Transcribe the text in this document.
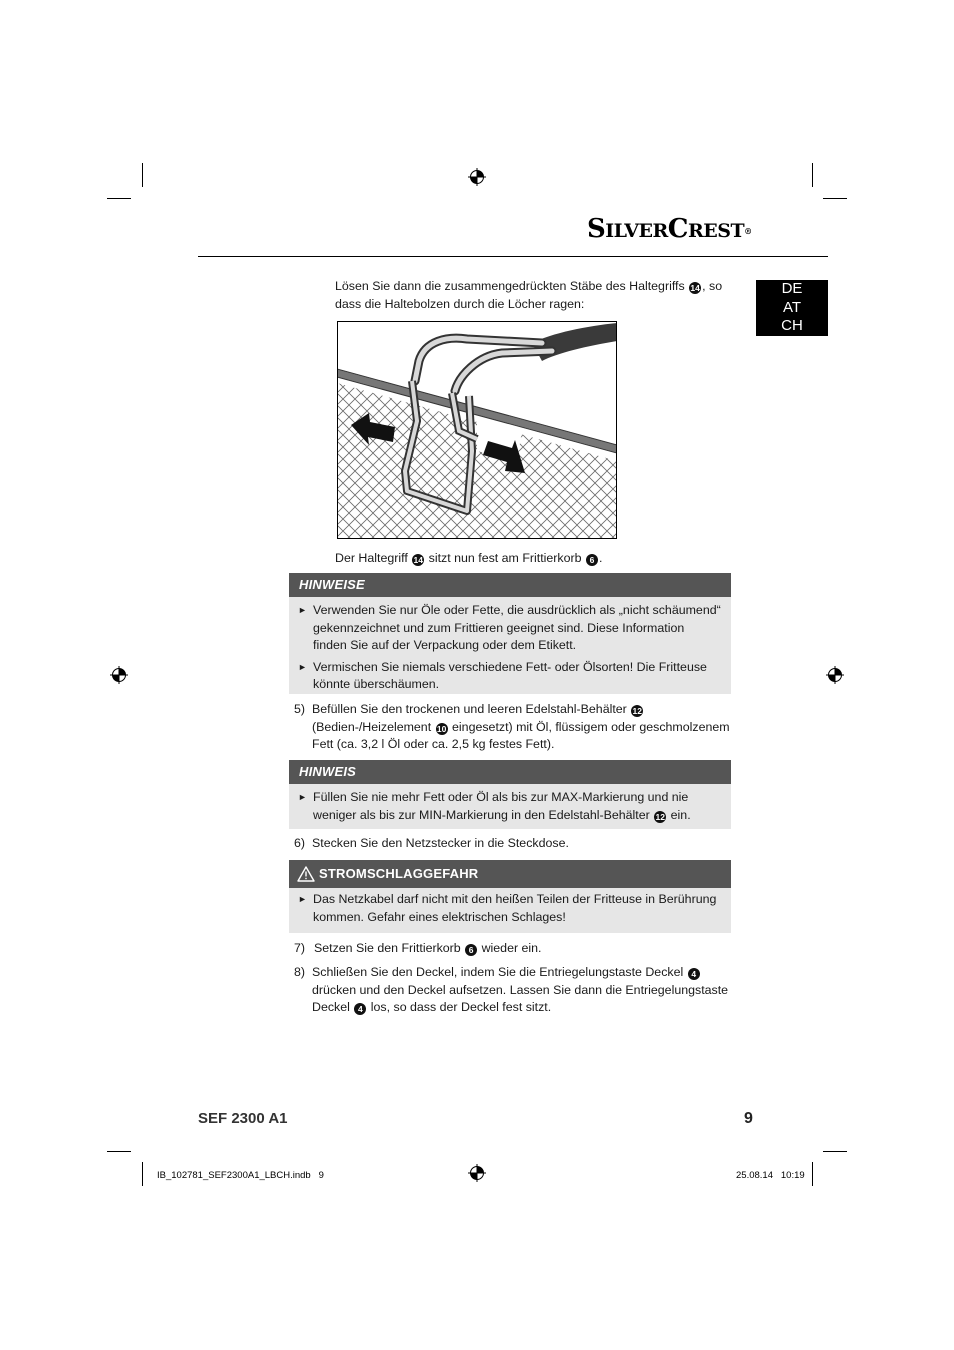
SILVERCREST®
DE
AT
CH
Lösen Sie dann die zusammengedrückten Stäbe des Haltegriffs 14 , so dass die Haltebolzen durch die Löcher ragen:
Der Haltegriff 14 sitzt nun fest am Frittierkorb 6 .
HINWEISE
► Verwenden Sie nur Öle oder Fette, die ausdrücklich als „nicht schäumend“ gekennzeichnet und zum Frittieren geeignet sind. Diese Information finden Sie auf der Verpackung oder dem Etikett.
► Vermischen Sie niemals verschiedene Fett- oder Ölsorten! Die Fritteuse könnte überschäumen.
5) Befüllen Sie den trockenen und leeren Edelstahl-Behälter 12
(Bedien-/Heizelement 10 eingesetzt) mit Öl, flüssigem oder geschmolzenem Fett (ca. 3,2 l Öl oder ca. 2,5 kg festes Fett).
HINWEIS
► Füllen Sie nie mehr Fett oder Öl als bis zur MAX-Markierung und nie weniger als bis zur MIN-Markierung in den Edelstahl-Behälter 12 ein.
6) Stecken Sie den Netzstecker in die Steckdose.
STROMSCHLAGGEFAHR
► Das Netzkabel darf nicht mit den heißen Teilen der Fritteuse in Berührung kommen. Gefahr eines elektrischen Schlages!
7) Setzen Sie den Frittierkorb 6 wieder ein.
8) Schließen Sie den Deckel, indem Sie die Entriegelungstaste Deckel 4 drücken und den Deckel aufsetzen. Lassen Sie dann die Entriegelungstaste Deckel 4 los, so dass der Deckel fest sitzt.
SEF 2300 A1	9
IB_102781_SEF2300A1_LBCH.indb   9	25.08.14   10:19
